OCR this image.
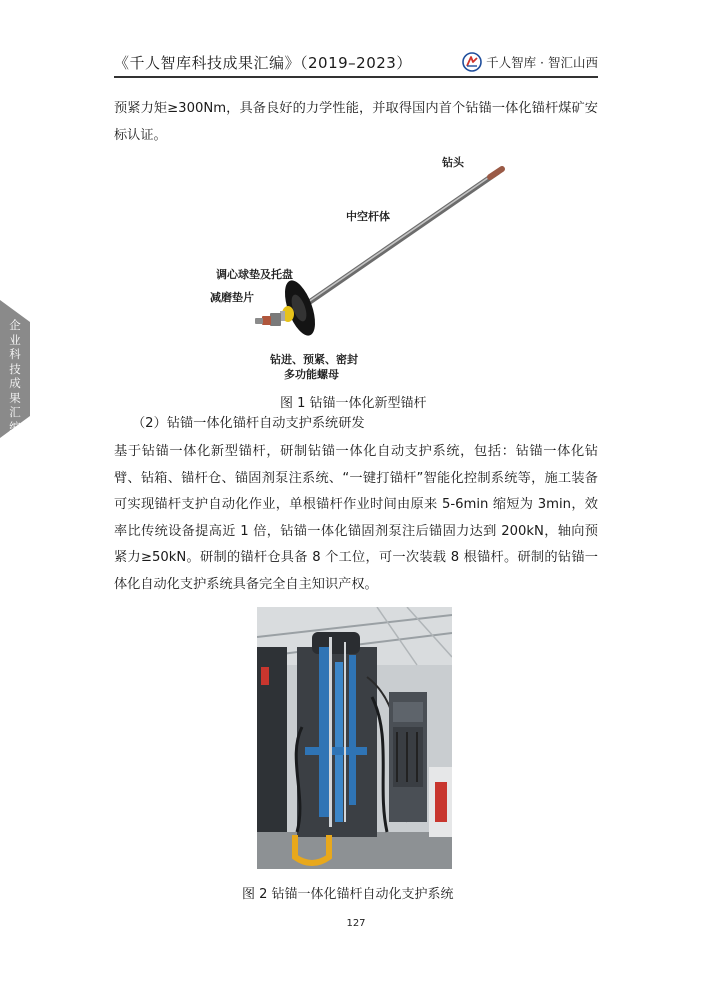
《千人智库科技成果汇编》（2019–2023）	千人智库 · 智汇山西
企业科技成果汇编
预紧力矩≥300Nm，具备良好的力学性能，并取得国内首个钻锚一体化锚杆煤矿安标认证。
钻头
中空杆体
调心球垫及托盘
减磨垫片
钻进、预紧、密封
多功能螺母
图 1 钻锚一体化新型锚杆
（2）钻锚一体化锚杆自动支护系统研发
基于钻锚一体化新型锚杆，研制钻锚一体化自动支护系统，包括：钻锚一体化钻臂、钻箱、锚杆仓、锚固剂泵注系统、“一键打锚杆”智能化控制系统等，施工装备可实现锚杆支护自动化作业，单根锚杆作业时间由原来 5-6min 缩短为 3min，效率比传统设备提高近 1 倍，钻锚一体化锚固剂泵注后锚固力达到 200kN，轴向预紧力≥50kN。研制的锚杆仓具备 8 个工位，可一次装载 8 根锚杆。研制的钻锚一体化自动化支护系统具备完全自主知识产权。
图 2 钻锚一体化锚杆自动化支护系统
127
